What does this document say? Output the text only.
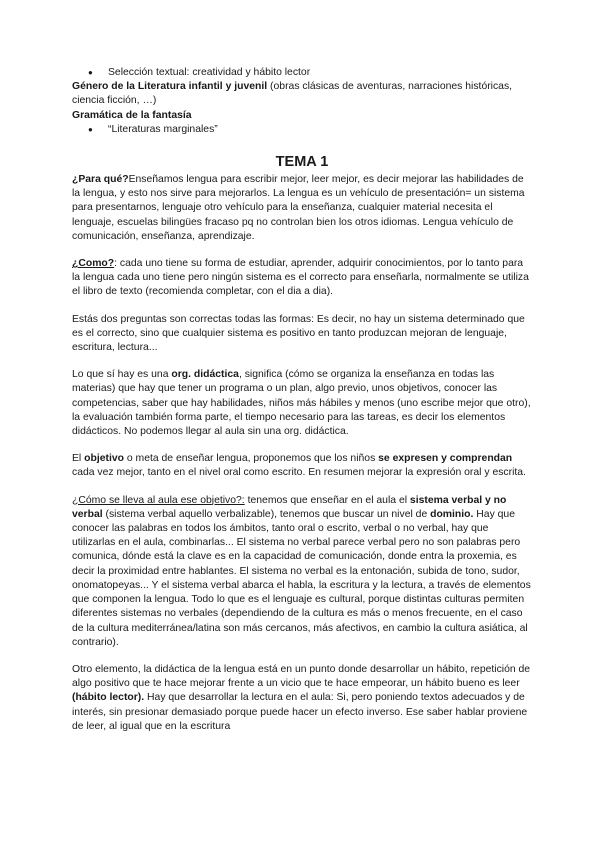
● Selección textual: creatividad y hábito lector
Género de la Literatura infantil y juvenil (obras clásicas de aventuras, narraciones históricas, ciencia ficción, …)
Gramática de la fantasía
● “Literaturas marginales”
TEMA 1

¿Para qué?Enseñamos lengua para escribir mejor, leer mejor, es decir mejorar las habilidades de la lengua, y esto nos sirve para mejorarlos. La lengua es un vehículo de presentación= un sistema para presentarnos, lenguaje otro vehículo para la enseñanza, cualquier material necesita el lenguaje, escuelas bilingües fracaso pq no controlan bien los otros idiomas. Lengua vehículo de comunicación, enseñanza, aprendizaje.

¿Como?: cada uno tiene su forma de estudiar, aprender, adquirir conocimientos, por lo tanto para la lengua cada uno tiene pero ningún sistema es el correcto para enseñarla, normalmente se utiliza el libro de texto (recomienda completar, con el dia a dia).

Estás dos preguntas son correctas todas las formas: Es decir, no hay un sistema determinado que es el correcto, sino que cualquier sistema es positivo en tanto produzcan mejoran de lenguaje, escritura, lectura...

Lo que sí hay es una org. didáctica, significa (cómo se organiza la enseñanza en todas las materias) que hay que tener un programa o un plan, algo previo, unos objetivos, conocer las competencias, saber que hay habilidades, niños más hábiles y menos (uno escribe mejor que otro), la evaluación también forma parte, el tiempo necesario para las tareas, es decir los elementos didácticos. No podemos llegar al aula sin una org. didáctica.

El objetivo o meta de enseñar lengua, proponemos que los niños se expresen y comprendan cada vez mejor, tanto en el nivel oral como escrito. En resumen mejorar la expresión oral y escrita.

¿Cómo se lleva al aula ese objetivo?: tenemos que enseñar en el aula el sistema verbal y no verbal (sistema verbal aquello verbalizable), tenemos que buscar un nivel de dominio. Hay que conocer las palabras en todos los ámbitos, tanto oral o escrito, verbal o no verbal, hay que utilizarlas en el aula, combinarlas... El sistema no verbal parece verbal pero no son palabras pero comunica, dónde está la clave es en la capacidad de comunicación, donde entra la proxemia, es decir la proximidad entre hablantes. El sistema no verbal es la entonación, subida de tono, sudor, onomatopeyas... Y el sistema verbal abarca el habla, la escritura y la lectura, a través de elementos que componen la lengua. Todo lo que es el lenguaje es cultural, porque distintas culturas permiten diferentes sistemas no verbales (dependiendo de la cultura es más o menos frecuente, en el caso de la cultura mediterránea/latina son más cercanos, más afectivos, en cambio la cultura asiática, al contrario).

Otro elemento, la didáctica de la lengua está en un punto donde desarrollar un hábito, repetición de algo positivo que te hace mejorar frente a un vicio que te hace empeorar, un hábito bueno es leer (hábito lector). Hay que desarrollar la lectura en el aula: Si, pero poniendo textos adecuados y de interés, sin presionar demasiado porque puede hacer un efecto inverso. Ese saber hablar proviene de leer, al igual que en la escritura
